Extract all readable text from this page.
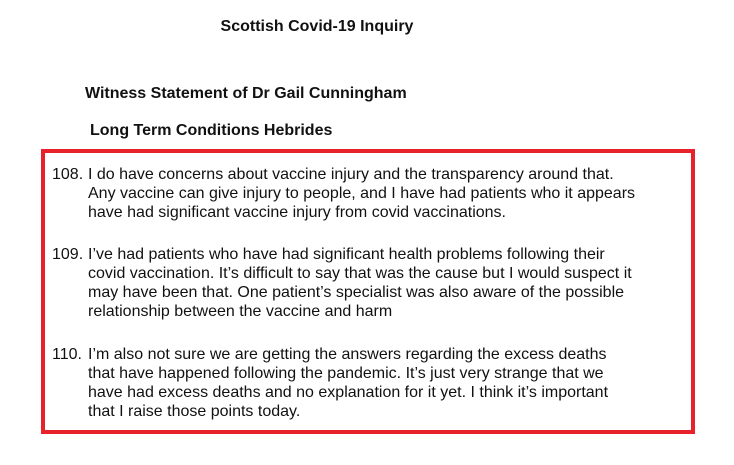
Scottish Covid-19 Inquiry
Witness Statement of Dr Gail Cunningham
Long Term Conditions Hebrides
108. I do have concerns about vaccine injury and the transparency around that.
Any vaccine can give injury to people, and I have had patients who it appears
have had significant vaccine injury from covid vaccinations.
109. I’ve had patients who have had significant health problems following their
covid vaccination. It’s difficult to say that was the cause but I would suspect it
may have been that. One patient’s specialist was also aware of the possible
relationship between the vaccine and harm
110. I’m also not sure we are getting the answers regarding the excess deaths
that have happened following the pandemic. It’s just very strange that we
have had excess deaths and no explanation for it yet. I think it’s important
that I raise those points today.
